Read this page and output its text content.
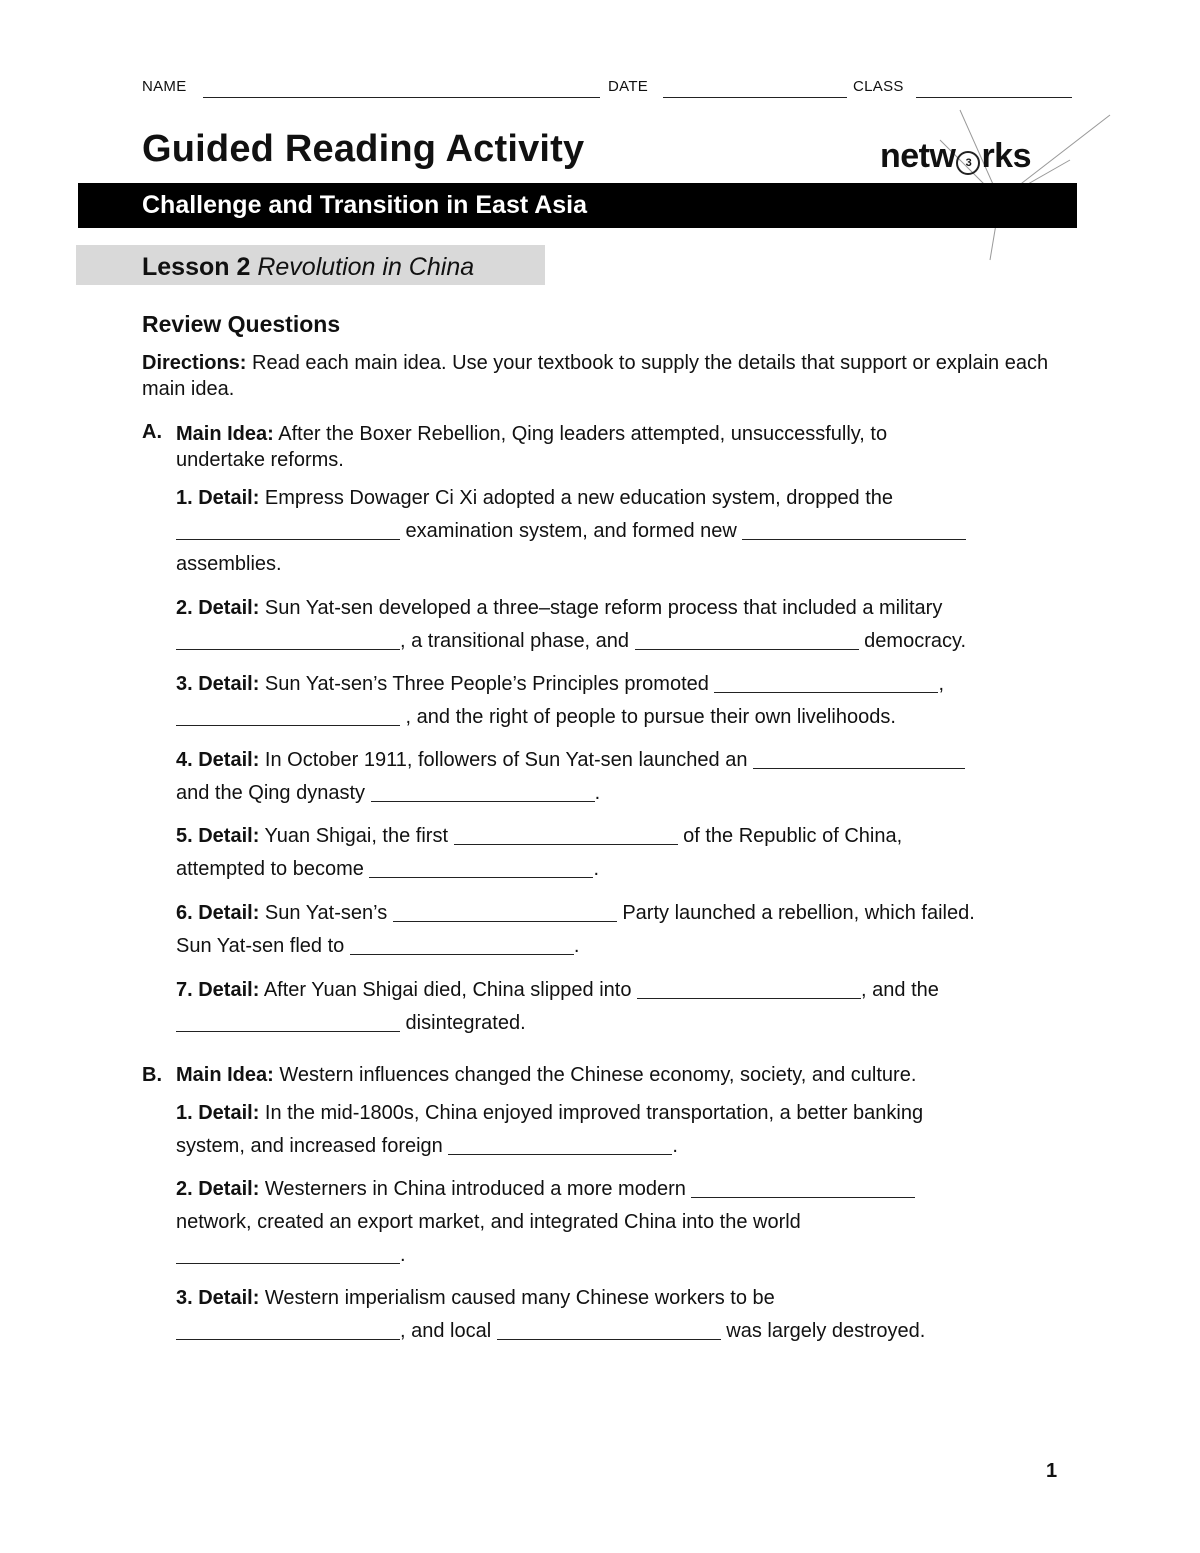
NAME	DATE	CLASS
Guided Reading Activity	netw 3 rks
Challenge and Transition in East Asia
Lesson 2 Revolution in China
Review Questions
Directions: Read each main idea. Use your textbook to supply the details that support or explain each main idea.
A. Main Idea: After the Boxer Rebellion, Qing leaders attempted, unsuccessfully, to
undertake reforms.
1. Detail: Empress Dowager Ci Xi adopted a new education system, dropped the
examination system, and formed new
assemblies.
2. Detail: Sun Yat-sen developed a three–stage reform process that included a military
, a transitional phase, and	democracy.
3. Detail: Sun Yat-sen’s Three People’s Principles promoted	,
, and the right of people to pursue their own livelihoods.
4. Detail: In October 1911, followers of Sun Yat-sen launched an
and the Qing dynasty	.
5. Detail: Yuan Shigai, the first	of the Republic of China,
attempted to become	.
6. Detail: Sun Yat-sen’s	Party launched a rebellion, which failed.
Sun Yat-sen fled to	.
7. Detail: After Yuan Shigai died, China slipped into	, and the
disintegrated.
B. Main Idea: Western influences changed the Chinese economy, society, and culture.
1. Detail: In the mid-1800s, China enjoyed improved transportation, a better banking
system, and increased foreign	.
2. Detail: Westerners in China introduced a more modern
network, created an export market, and integrated China into the world
.
3. Detail: Western imperialism caused many Chinese workers to be
, and local	was largely destroyed.
1
